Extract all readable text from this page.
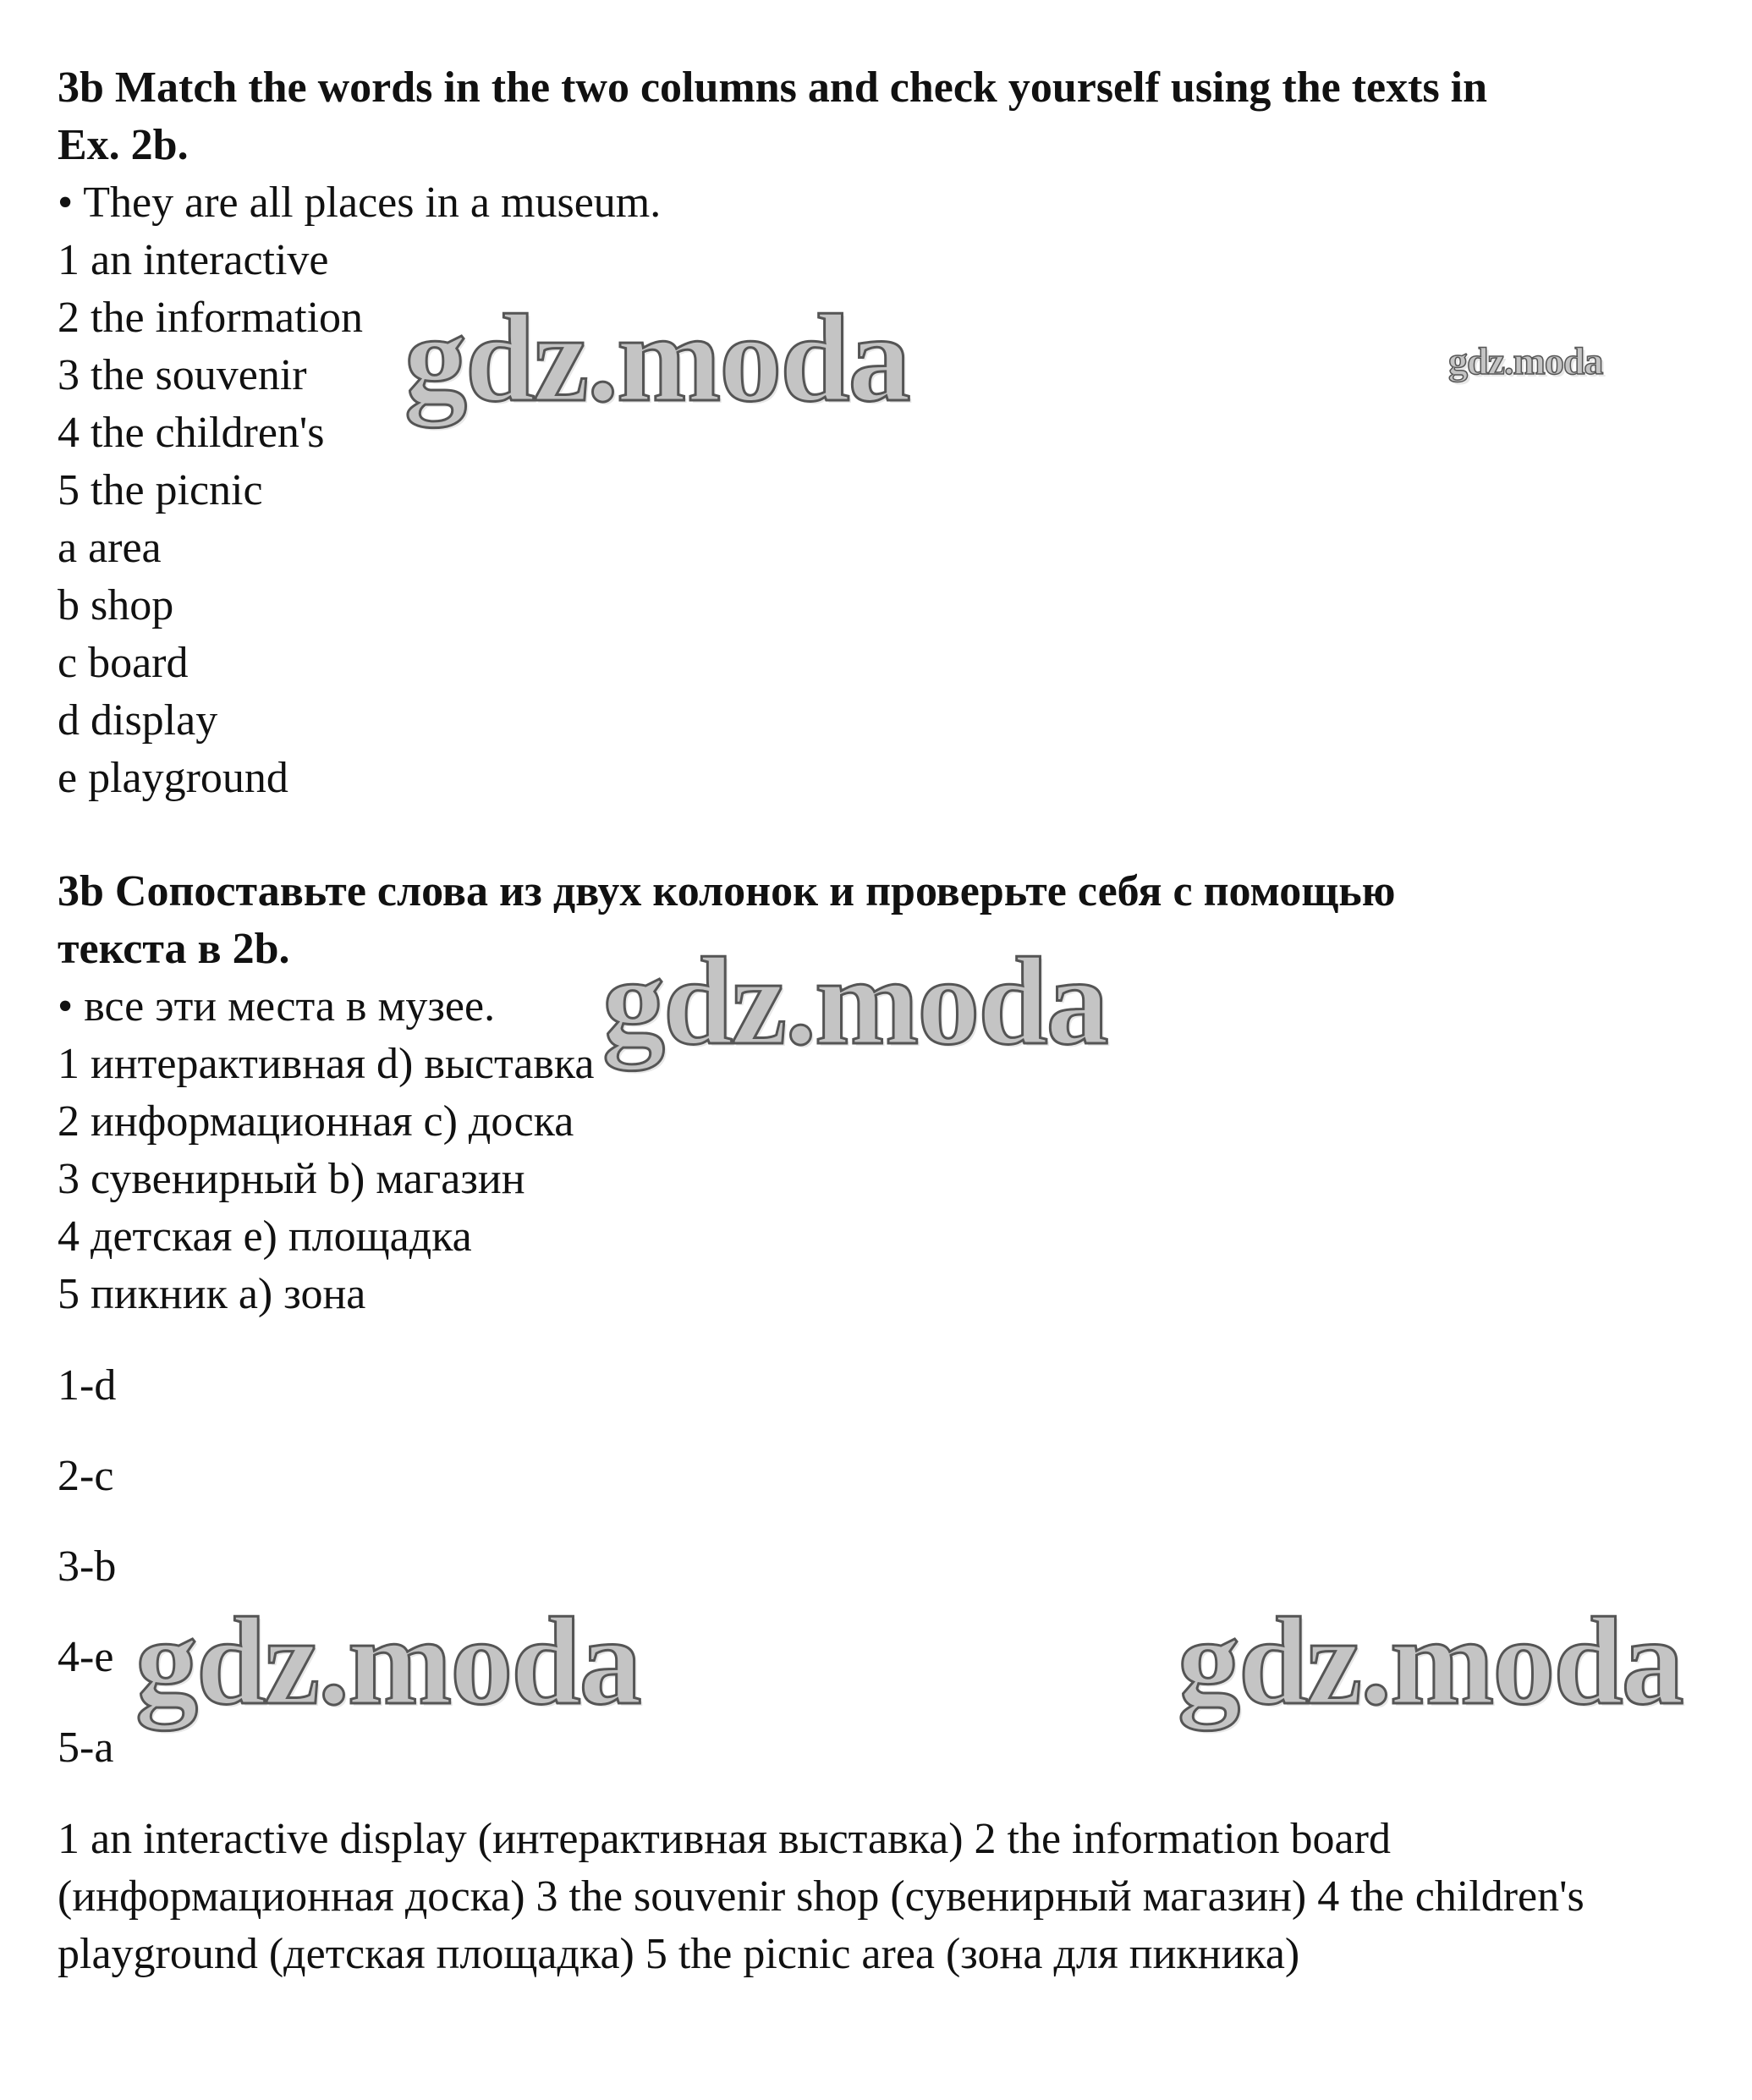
3b Match the words in the two columns and check yourself using the texts in
Ex. 2b.
• They are all places in a museum.
1 an interactive
2 the information
3 the souvenir
4 the children's
5 the picnic
a area
b shop
c board
d display
e playground
3b Сопоставьте слова из двух колонок и проверьте себя с помощью
текста в 2b.
• все эти места в музее.
1 интерактивная d) выставка
2 информационная c) доска
3 сувенирный b) магазин
4 детская e) площадка
5 пикник a) зона
1-d
2-c
3-b
4-e
5-a

1 an interactive display (интерактивная выставка) 2 the information board (информационная доска) 3 the souvenir shop (сувенирный магазин) 4 the children's playground (детская площадка) 5 the picnic area (зона для пикника)

gdz.moda	gdz.moda
gdz.moda
gdz.moda	gdz.moda
